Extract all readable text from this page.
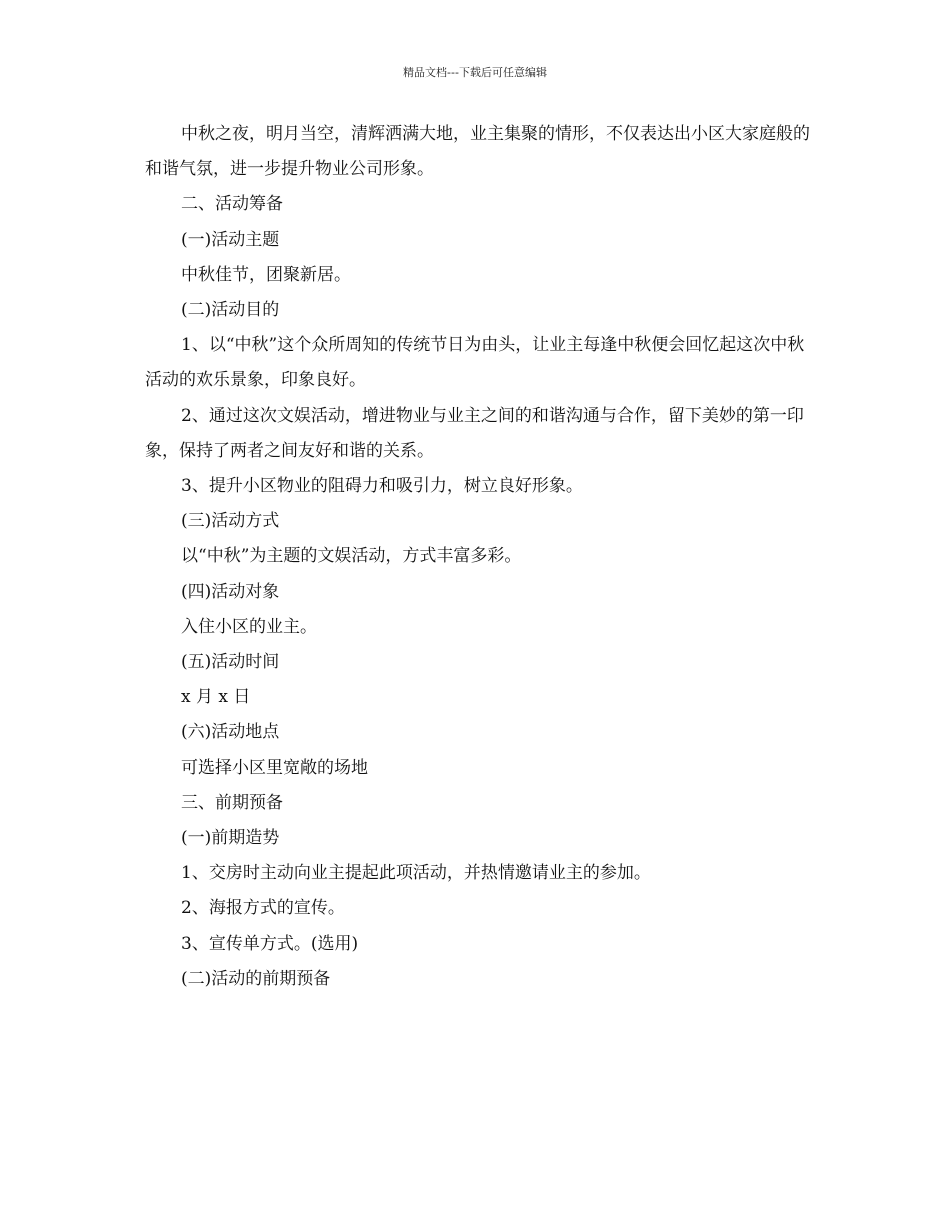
精品文档---下载后可任意编辑

中秋之夜，明月当空，清辉洒满大地，业主集聚的情形，不仅表达出小区大家庭般的和谐气氛，进一步提升物业公司形象。

二、活动筹备

(一)活动主题

中秋佳节，团聚新居。

(二)活动目的

1、以“中秋”这个众所周知的传统节日为由头，让业主每逢中秋便会回忆起这次中秋活动的欢乐景象，印象良好。

2、通过这次文娱活动，增进物业与业主之间的和谐沟通与合作，留下美妙的第一印象，保持了两者之间友好和谐的关系。

3、提升小区物业的阻碍力和吸引力，树立良好形象。

(三)活动方式

以“中秋”为主题的文娱活动，方式丰富多彩。

(四)活动对象

入住小区的业主。

(五)活动时间

x 月 x 日

(六)活动地点

可选择小区里宽敞的场地

三、前期预备

(一)前期造势

1、交房时主动向业主提起此项活动，并热情邀请业主的参加。

2、海报方式的宣传。

3、宣传单方式。(选用)

(二)活动的前期预备
